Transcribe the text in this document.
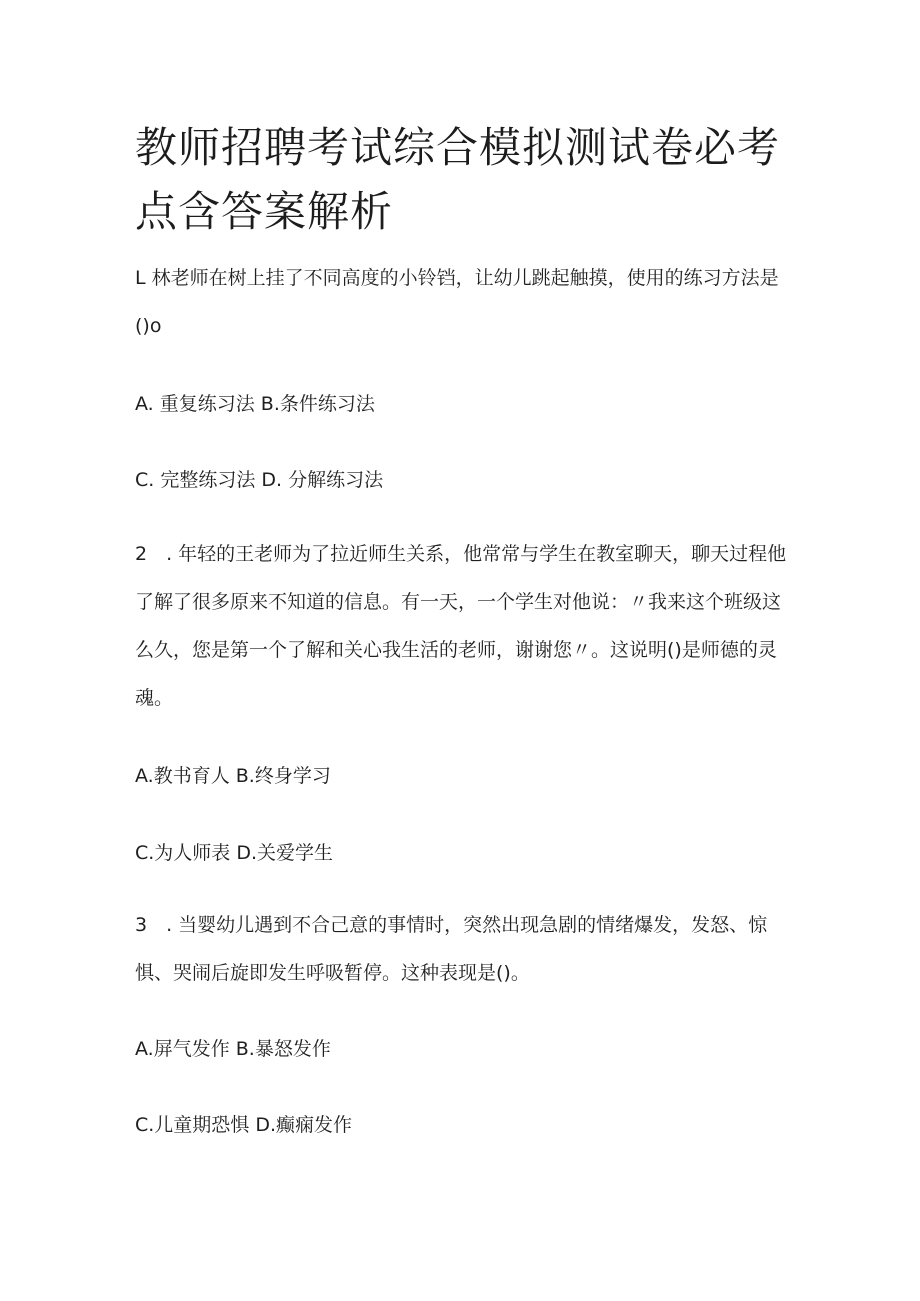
教师招聘考试综合模拟测试卷必考点含答案解析

L 林老师在树上挂了不同高度的小铃铛，让幼儿跳起触摸，使用的练习方法是()o

A. 重复练习法 B.条件练习法
C. 完整练习法 D. 分解练习法

2　. 年轻的王老师为了拉近师生关系，他常常与学生在教室聊天，聊天过程他了解了很多原来不知道的信息。有一天，一个学生对他说：〃我来这个班级这么久，您是第一个了解和关心我生活的老师，谢谢您〃。这说明()是师德的灵魂。

A.教书育人 B.终身学习
C.为人师表 D.关爱学生

3　. 当婴幼儿遇到不合己意的事情时，突然出现急剧的情绪爆发，发怒、惊惧、哭闹后旋即发生呼吸暂停。这种表现是()。

A.屏气发作 B.暴怒发作
C.儿童期恐惧 D.癫痫发作
